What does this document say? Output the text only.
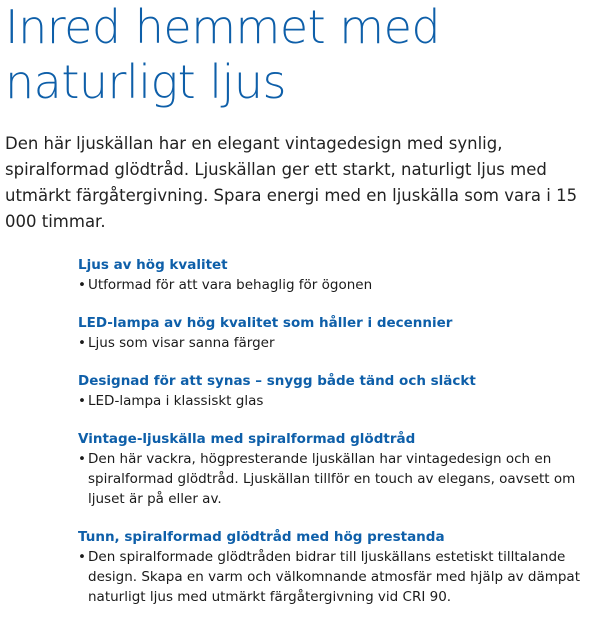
Inred hemmet med
naturligt ljus

Den här ljuskällan har en elegant vintagedesign med synlig, spiralformad glödtråd. Ljuskällan ger ett starkt, naturligt ljus med utmärkt färgåtergivning. Spara energi med en ljuskälla som vara i 15 000 timmar.

Ljus av hög kvalitet

• Utformad för att vara behaglig för ögonen

LED-lampa av hög kvalitet som håller i decennier

• Ljus som visar sanna färger

Designad för att synas – snygg både tänd och släckt

• LED-lampa i klassiskt glas

Vintage-ljuskälla med spiralformad glödtråd

• Den här vackra, högpresterande ljuskällan har vintagedesign och en spiralformad glödtråd. Ljuskällan tillför en touch av elegans, oavsett om ljuset är på eller av.

Tunn, spiralformad glödtråd med hög prestanda

• Den spiralformade glödtråden bidrar till ljuskällans estetiskt tilltalande design. Skapa en varm och välkomnande atmosfär med hjälp av dämpat naturligt ljus med utmärkt färgåtergivning vid CRI 90.
